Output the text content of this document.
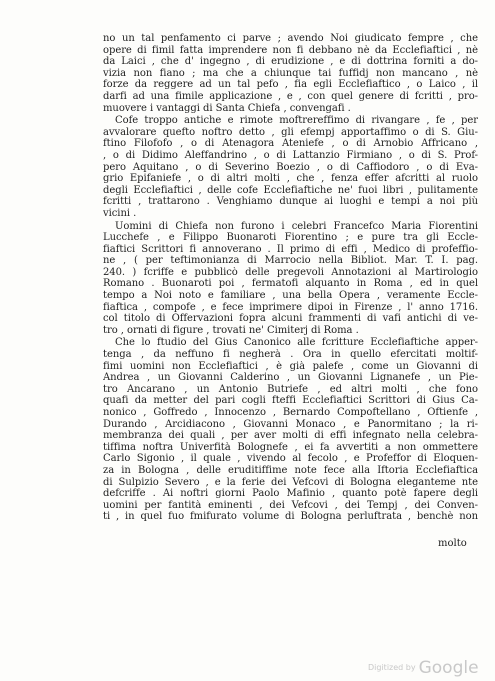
no un tal penfamento ci parve ; avendo Noi giudicato fempre , che
opere di fimil fatta imprendere non fi debbano nè da Ecclefiaftici , nè
da Laici , che d' ingegno , di erudizione , e di dottrina forniti a do-
vizia non fiano ; ma che a chiunque tai fuffidj non mancano , nè
forze da reggere ad un tal pefo , fia egli Ecclefiaftico , o Laico , il
darfi ad una fimile applicazione , e , con quel genere di fcritti , pro-
muovere i vantaggi di Santa Chiefa , convengafi .
Cofe troppo antiche e rimote moftrereffimo di rivangare , fe , per
avvalorare quefto noftro detto , gli efempj apportaffimo o di S. Giu-
ftino Filofofo , o di Atenagora Ateniefe , o di Arnobio Affricano ,
, o di Didimo Aleffandrino , o di Lattanzio Firmiano , o di S. Prof-
pero Aquitano , o di Severino Boezio , o di Caffiodoro , o di Eva-
grio Epifaniefe , o di altri molti , che , fenza effer afcritti al ruolo
degli Ecclefiaftici , delle cofe Ecclefiaftiche ne' fuoi libri , pulitamente
fcritti , trattarono . Venghiamo dunque ai luoghi e tempi a noi più
vicini .
Uomini di Chiefa non furono i celebri Francefco Maria Fiorentini
Lucchefe , e Filippo Buonaroti Fiorentino ; e pure tra gli Eccle-
fiaftici Scrittori fi annoverano . Il primo di effi , Medico di profeffio-
ne , ( per teftimonianza di Marrocio nella Bibliot. Mar. T. I. pag.
240. ) fcriffe e pubblicò delle pregevoli Annotazioni al Martirologio
Romano . Buonaroti poi , fermatofi alquanto in Roma , ed in quel
tempo a Noi noto e familiare , una bella Opera , veramente Eccle-
fiaftica , compofe , e fece imprimere dipoi in Firenze , l' anno 1716.
col titolo di Offervazioni fopra alcuni frammenti di vafi antichi di ve-
tro , ornati di figure , trovati ne' Cimiterj di Roma .
Che lo ftudio del Gius Canonico alle fcritture Ecclefiaftiche apper-
tenga , da neffuno fi negherà . Ora in quello efercitati moltif-
fimi uomini non Ecclefiaftici , è già palefe , come un Giovanni di
Andrea , un Giovanni Calderino , un Giovanni Lignanefe , un Pie-
tro Ancarano , un Antonio Butriefe , ed altri molti , che fono
quafi da metter del pari cogli fteffi Ecclefiaftici Scrittori di Gius Ca-
nonico , Goffredo , Innocenzo , Bernardo Compoftellano , Oftienfe ,
Durando , Arcidiacono , Giovanni Monaco , e Panormitano ; la ri-
membranza dei quali , per aver molti di effi infegnato nella celebra-
tiffima noftra Univerfità Bolognefe , ei fa avvertiti a non ommettere
Carlo Sigonio , il quale , vivendo al fecolo , e Profeffor di Eloquen-
za in Bologna , delle eruditiffime note fece alla Iftoria Ecclefiaftica
di Sulpizio Severo , e la ferie dei Vefcovi di Bologna eleganteme nte
defcriffe . Ai noftri giorni Paolo Mafinio , quanto potè fapere degli
uomini per fantità eminenti , dei Vefcovi , dei Tempj , dei Conven-
ti , in quel fuo fmifurato volume di Bologna perluftrata , benchè non
molto
Digitized by Google
